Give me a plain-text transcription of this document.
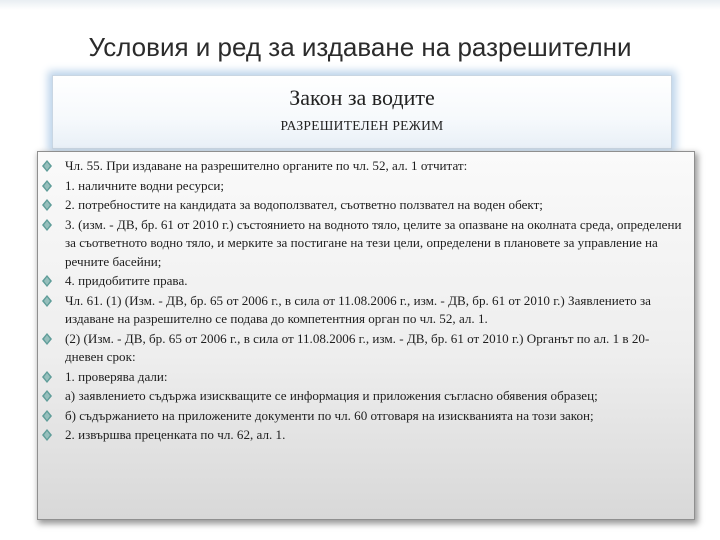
Условия и ред за издаване на разрешителни
Закон за водите
РАЗРЕШИТЕЛЕН РЕЖИМ
Чл. 55. При издаване на разрешително органите по чл. 52, ал. 1 отчитат:
1. наличните водни ресурси;
2. потребностите на кандидата за водоползвател, съответно ползвател на воден обект;
3. (изм. - ДВ, бр. 61 от 2010 г.) състоянието на водното тяло, целите за опазване на околната среда, определени за съответното водно тяло, и мерките за постигане на тези цели, определени в плановете за управление на речните басейни;
4. придобитите права.
Чл. 61. (1) (Изм. - ДВ, бр. 65 от 2006 г., в сила от 11.08.2006 г., изм. - ДВ, бр. 61 от 2010 г.) Заявлението за издаване на разрешително се подава до компетентния орган по чл. 52, ал. 1.
(2) (Изм. - ДВ, бр. 65 от 2006 г., в сила от 11.08.2006 г., изм. - ДВ, бр. 61 от 2010 г.) Органът по ал. 1 в 20-дневен срок:
1. проверява дали:
а) заявлението съдържа изискващите се информация и приложения съгласно обявения образец;
б) съдържанието на приложените документи по чл. 60 отговаря на изискванията на този закон;
2. извършва преценката по чл. 62, ал. 1.
